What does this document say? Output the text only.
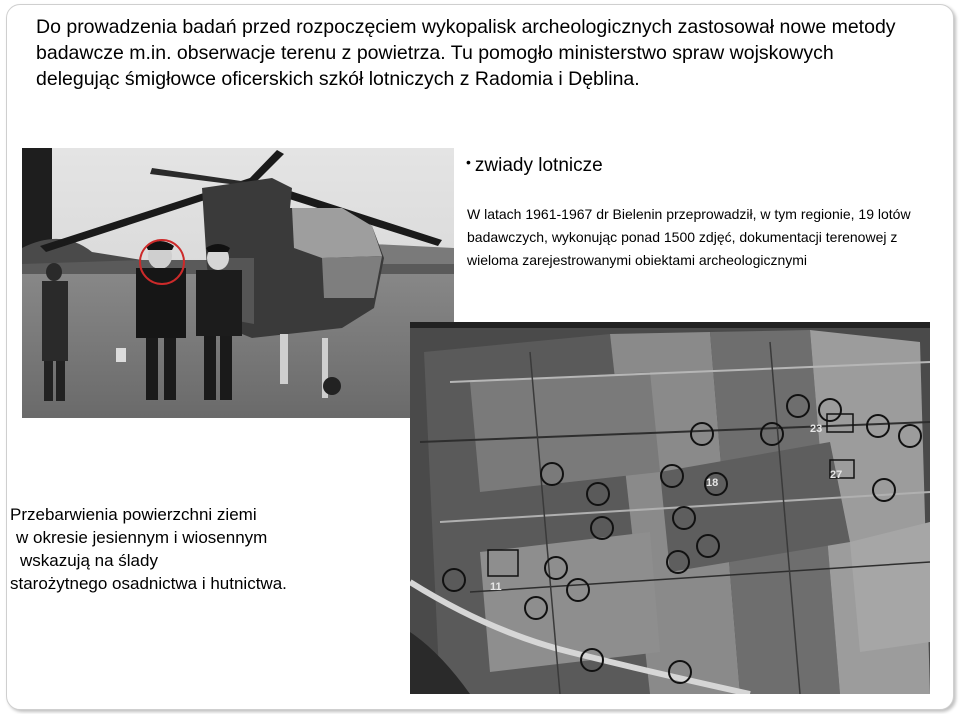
Do prowadzenia badań przed rozpoczęciem wykopalisk archeologicznych zastosował nowe metody badawcze m.in. obserwacje terenu z powietrza. Tu pomogło ministerstwo spraw wojskowych delegując śmigłowce oficerskich szkół lotniczych z Radomia i Dęblina.

• zwiady lotnicze

W latach 1961-1967 dr Bielenin przeprowadził, w tym regionie, 19 lotów badawczych, wykonując ponad 1500 zdjęć, dokumentacji terenowej z wieloma zarejestrowanymi obiektami archeologicznymi

23
27
18
11
Przebarwienia powierzchni ziemi
w okresie jesiennym i wiosennym
wskazują na ślady
starożytnego osadnictwa i hutnictwa.
